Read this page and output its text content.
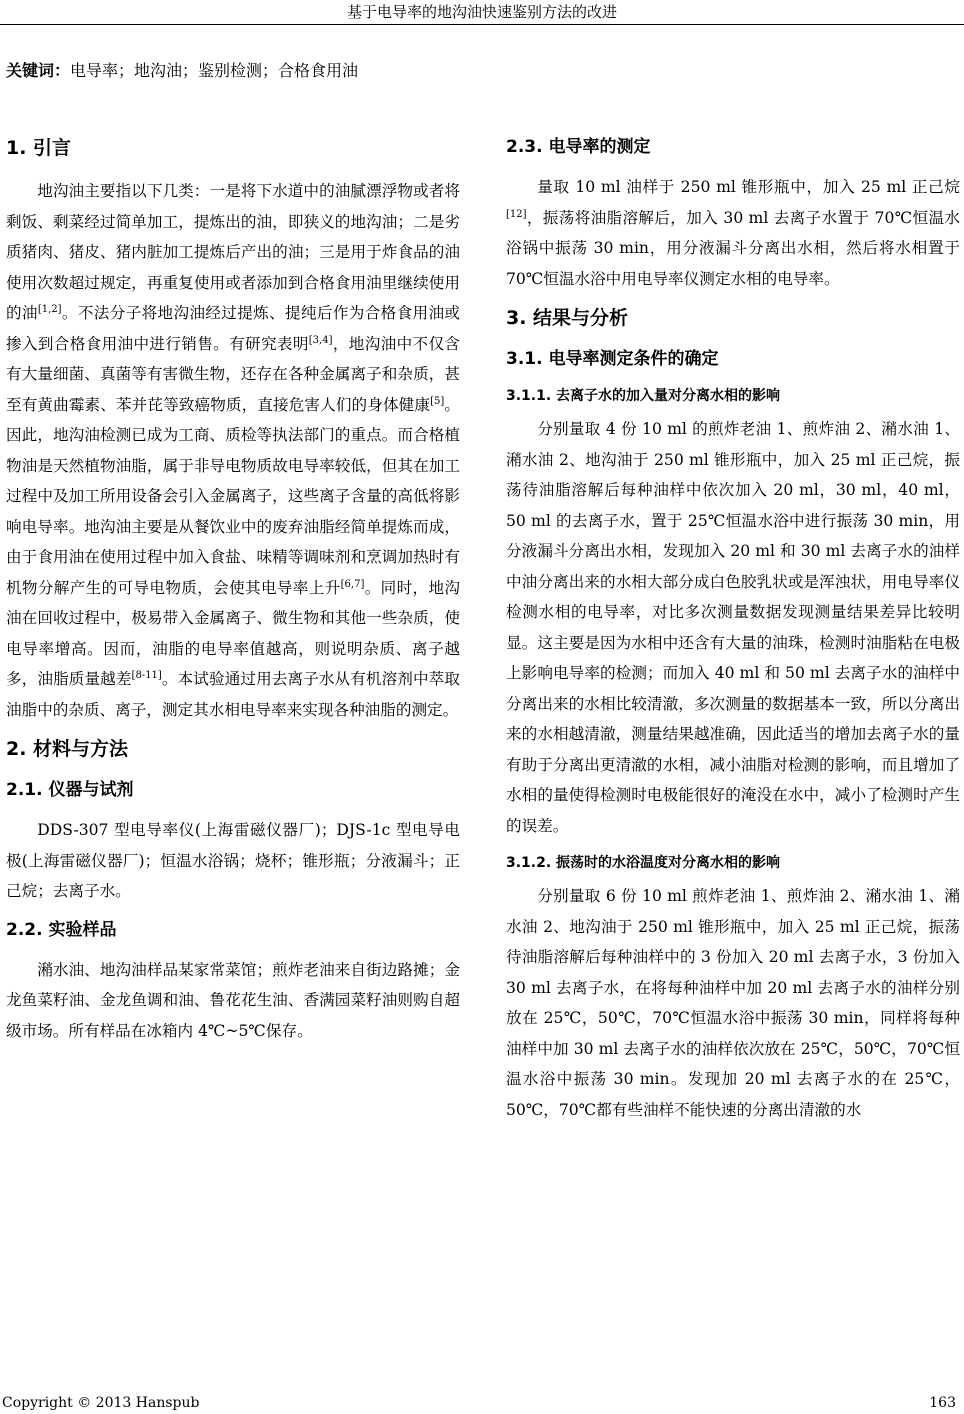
基于电导率的地沟油快速鉴别方法的改进
关键词：电导率；地沟油；鉴别检测；合格食用油
1. 引言

地沟油主要指以下几类：一是将下水道中的油腻漂浮物或者将剩饭、剩菜经过简单加工，提炼出的油，即狭义的地沟油；二是劣质猪肉、猪皮、猪内脏加工提炼后产出的油；三是用于炸食品的油使用次数超过规定，再重复使用或者添加到合格食用油里继续使用的油[1,2]。不法分子将地沟油经过提炼、提纯后作为合格食用油或掺入到合格食用油中进行销售。有研究表明[3,4]，地沟油中不仅含有大量细菌、真菌等有害微生物，还存在各种金属离子和杂质，甚至有黄曲霉素、苯并芘等致癌物质，直接危害人们的身体健康[5]。因此，地沟油检测已成为工商、质检等执法部门的重点。而合格植物油是天然植物油脂，属于非导电物质故电导率较低，但其在加工过程中及加工所用设备会引入金属离子，这些离子含量的高低将影响电导率。地沟油主要是从餐饮业中的废弃油脂经简单提炼而成，由于食用油在使用过程中加入食盐、味精等调味剂和烹调加热时有机物分解产生的可导电物质，会使其电导率上升[6,7]。同时，地沟油在回收过程中，极易带入金属离子、微生物和其他一些杂质，使电导率增高。因而，油脂的电导率值越高，则说明杂质、离子越多，油脂质量越差[8-11]。本试验通过用去离子水从有机溶剂中萃取油脂中的杂质、离子，测定其水相电导率来实现各种油脂的测定。

2. 材料与方法
2.1. 仪器与试剂

DDS-307 型电导率仪(上海雷磁仪器厂)；DJS-1c 型电导电极(上海雷磁仪器厂)；恒温水浴锅；烧杯；锥形瓶；分液漏斗；正己烷；去离子水。

2.2. 实验样品

潲水油、地沟油样品某家常菜馆；煎炸老油来自街边路摊；金龙鱼菜籽油、金龙鱼调和油、鲁花花生油、香满园菜籽油则购自超级市场。所有样品在冰箱内 4℃~5℃保存。

2.3. 电导率的测定

量取 10 ml 油样于 250 ml 锥形瓶中，加入 25 ml 正己烷[12]，振荡将油脂溶解后，加入 30 ml 去离子水置于 70℃恒温水浴锅中振荡 30 min，用分液漏斗分离出水相，然后将水相置于 70℃恒温水浴中用电导率仪测定水相的电导率。

3. 结果与分析
3.1. 电导率测定条件的确定
3.1.1. 去离子水的加入量对分离水相的影响

分别量取 4 份 10 ml 的煎炸老油 1、煎炸油 2、潲水油 1、潲水油 2、地沟油于 250 ml 锥形瓶中，加入 25 ml 正己烷，振荡待油脂溶解后每种油样中依次加入 20 ml，30 ml，40 ml，50 ml 的去离子水，置于 25℃恒温水浴中进行振荡 30 min，用分液漏斗分离出水相，发现加入 20 ml 和 30 ml 去离子水的油样中油分离出来的水相大部分成白色胶乳状或是浑浊状，用电导率仪检测水相的电导率，对比多次测量数据发现测量结果差异比较明显。这主要是因为水相中还含有大量的油珠，检测时油脂粘在电极上影响电导率的检测；而加入 40 ml 和 50 ml 去离子水的油样中分离出来的水相比较清澈，多次测量的数据基本一致，所以分离出来的水相越清澈，测量结果越准确，因此适当的增加去离子水的量有助于分离出更清澈的水相，减小油脂对检测的影响，而且增加了水相的量使得检测时电极能很好的淹没在水中，减小了检测时产生的误差。

3.1.2. 振荡时的水浴温度对分离水相的影响

分别量取 6 份 10 ml 煎炸老油 1、煎炸油 2、潲水油 1、潲水油 2、地沟油于 250 ml 锥形瓶中，加入 25 ml 正己烷，振荡待油脂溶解后每种油样中的 3 份加入 20 ml 去离子水，3 份加入 30 ml 去离子水，在将每种油样中加 20 ml 去离子水的油样分别放在 25℃，50℃，70℃恒温水浴中振荡 30 min，同样将每种油样中加 30 ml 去离子水的油样依次放在 25℃，50℃，70℃恒温水浴中振荡 30 min。发现加 20 ml 去离子水的在 25℃，50℃，70℃都有些油样不能快速的分离出清澈的水

Copyright © 2013 Hanspub	163
